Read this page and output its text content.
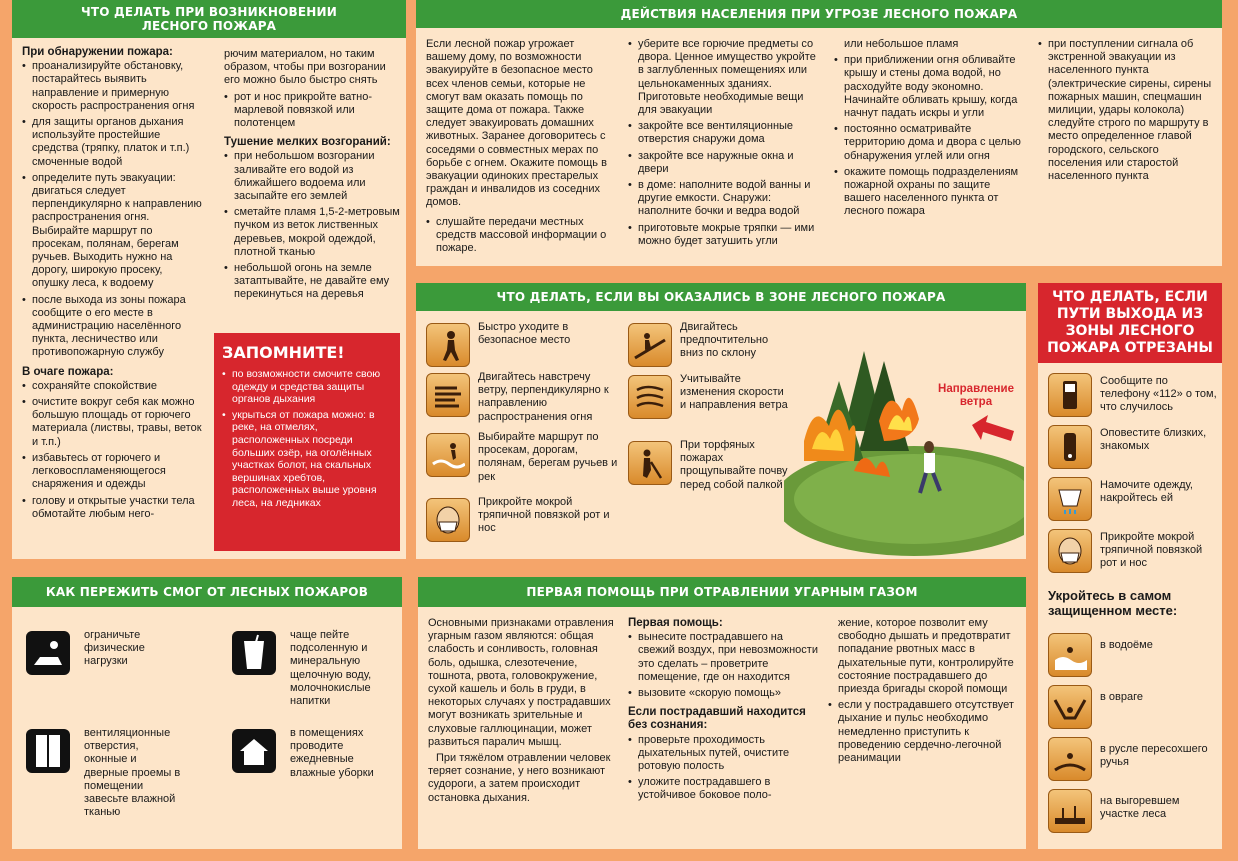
ЧТО ДЕЛАТЬ ПРИ ВОЗНИКНОВЕНИИ
ЛЕСНОГО ПОЖАРА
При обнаружении пожара:
• проанализируйте обстановку, постарайтесь выявить направление и примерную скорость распространения огня
• для защиты органов дыхания используйте простейшие средства (тряпку, платок и т.п.) смоченные водой
• определите путь эвакуации: двигаться следует перпендикулярно к направлению распространения огня. Выбирайте маршрут по просекам, полянам, берегам ручьев. Выходить нужно на дорогу, широкую просеку, опушку леса, к водоему
• после выхода из зоны пожара сообщите о его месте в администрацию населённого пункта, лесничество или противопожарную службу
В очаге пожара:
• сохраняйте спокойствие
• очистите вокруг себя как можно большую площадь от горючего материала (листвы, травы, веток и т.п.)
• избавьтесь от горючего и легковоспламеняющегося снаряжения и одежды
• голову и открытые участки тела обмотайте любым него-

рючим материалом, но таким образом, чтобы при возгорании его можно было быстро снять

• рот и нос прикройте ватно-марлевой повязкой или полотенцем
Тушение мелких возгораний:
• при небольшом возгорании заливайте его водой из ближайшего водоема или засыпайте его землей
• сметайте пламя 1,5-2-метровым пучком из веток лиственных деревьев, мокрой одеждой, плотной тканью
• небольшой огонь на земле затаптывайте, не давайте ему перекинуться на деревья
ЗАПОМНИТЕ!
• по возможности смочите свою одежду и средства защиты органов дыхания
• укрыться от пожара можно: в реке, на отмелях, расположенных посреди больших озёр, на оголённых участках болот, на скальных вершинах хребтов, расположенных выше уровня леса, на ледниках
ДЕЙСТВИЯ НАСЕЛЕНИЯ ПРИ УГРОЗЕ ЛЕСНОГО ПОЖАРА

Если лесной пожар угрожает вашему дому, по возможности эвакуируйте в безопасное место всех членов семьи, которые не смогут вам оказать помощь по защите дома от пожара. Также следует эвакуировать домашних животных. Заранее договоритесь с соседями о совместных мерах по борьбе с огнем. Окажите помощь в эвакуации одиноких престарелых граждан и инвалидов из соседних домов.

• слушайте передачи местных средств массовой информации о пожаре.
• уберите все горючие предметы со двора. Ценное имущество укройте в заглубленных помещениях или цельнокаменных зданиях. Приготовьте необходимые вещи для эвакуации
• закройте все вентиляционные отверстия снаружи дома
• закройте все наружные окна и двери
• в доме: наполните водой ванны и другие емкости. Снаружи: наполните бочки и ведра водой
• приготовьте мокрые тряпки — ими можно будет затушить угли

или небольшое пламя

• при приближении огня обливайте крышу и стены дома водой, но расходуйте воду экономно. Начинайте обливать крышу, когда начнут падать искры и угли
• постоянно осматривайте территорию дома и двора с целью обнаружения углей или огня
• окажите помощь подразделениям пожарной охраны по защите вашего населенного пункта от лесного пожара
• при поступлении сигнала об экстренной эвакуации из населенного пункта (электрические сирены, сирены пожарных машин, спецмашин милиции, удары колокола) следуйте строго по маршруту в место определенное главой городского, сельского поселения или старостой населенного пункта
ЧТО ДЕЛАТЬ, ЕСЛИ ВЫ ОКАЗАЛИСЬ В ЗОНЕ ЛЕСНОГО ПОЖАРА
Быстро уходите в безопасное место
Двигайтесь навстречу ветру, перпендикулярно к направлению распространения огня
Выбирайте маршрут по просекам, дорогам, полянам, берегам ручьев и рек
Прикройте мокрой тряпичной повязкой рот и нос
Двигайтесь предпочтительно вниз по склону
Учитывайте изменения скорости и направления ветра
При торфяных пожарах прощупывайте почву перед собой палкой
Направление ветра
ЧТО ДЕЛАТЬ, ЕСЛИ ПУТИ ВЫХОДА ИЗ ЗОНЫ ЛЕСНОГО ПОЖАРА ОТРЕЗАНЫ
Сообщите по телефону «112» о том, что случилось
Оповестите близких, знакомых
Намочите одежду, накройтесь ей
Прикройте мокрой тряпичной повязкой рот и нос
Укройтесь в самом защищенном месте:
в водоёме
в овраге
в русле пересохшего ручья
на выгоревшем участке леса
КАК ПЕРЕЖИТЬ СМОГ ОТ ЛЕСНЫХ ПОЖАРОВ
ограничьте физические нагрузки
чаще пейте подсоленную и минеральную щелочную воду, молочнокислые напитки
вентиляционные отверстия, оконные и дверные проемы в помещении завесьте влажной тканью
в помещениях проводите ежедневные влажные уборки
ПЕРВАЯ ПОМОЩЬ ПРИ ОТРАВЛЕНИИ УГАРНЫМ ГАЗОМ

Основными признаками отравления угарным газом являются: общая слабость и сонливость, головная боль, одышка, слезотечение, тошнота, рвота, головокружение, сухой кашель и боль в груди, в некоторых случаях у пострадавших могут возникать зрительные и слуховые галлюцинации, может развиться паралич мышц.

При тяжёлом отравлении человек теряет сознание, у него возникают судороги, а затем происходит остановка дыхания.

Первая помощь:
• вынесите пострадавшего на свежий воздух, при невозможности это сделать – проветрите помещение, где он находится
• вызовите «скорую помощь»
Если пострадавший находится без сознания:
• проверьте проходимость дыхательных путей, очистите ротовую полость
• уложите пострадавшего в устойчивое боковое поло-

жение, которое позволит ему свободно дышать и предотвратит попадание рвотных масс в дыхательные пути, контролируйте состояние пострадавшего до приезда бригады скорой помощи

• если у пострадавшего отсутствует дыхание и пульс необходимо немедленно приступить к проведению сердечно-легочной реанимации
